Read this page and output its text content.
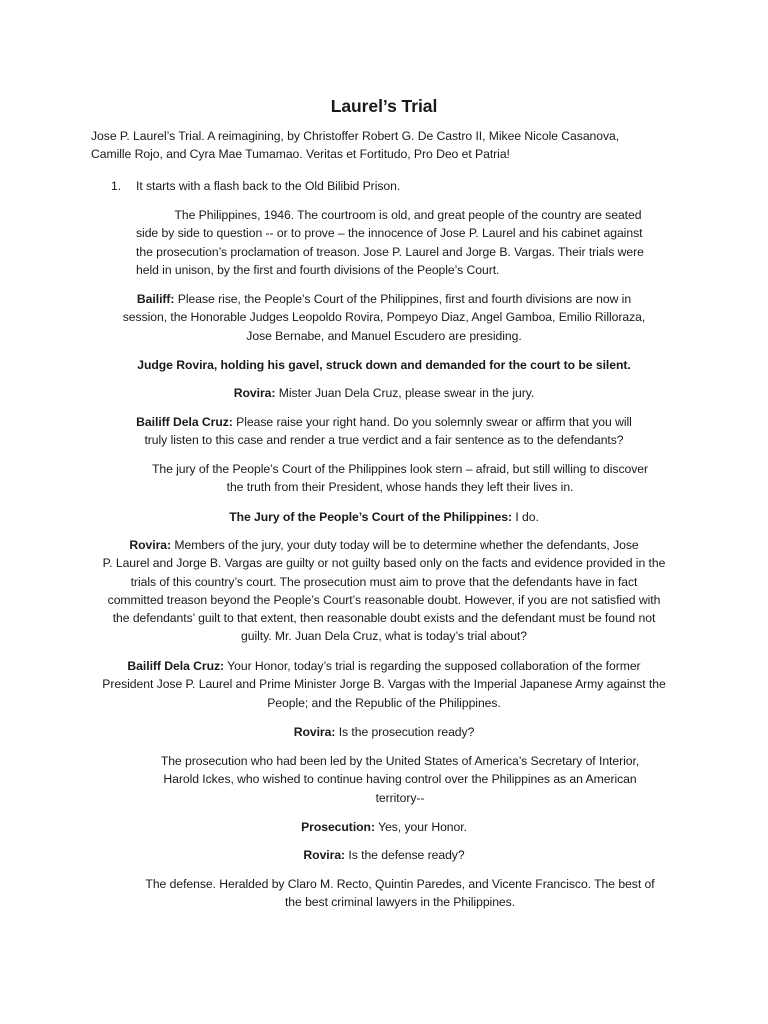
Laurel’s Trial
Jose P. Laurel’s Trial. A reimagining, by Christoffer Robert G. De Castro II, Mikee Nicole Casanova,
Camille Rojo, and Cyra Mae Tumamao. Veritas et Fortitudo, Pro Deo et Patria!
1. It starts with a flash back to the Old Bilibid Prison.
The Philippines, 1946. The courtroom is old, and great people of the country are seated
side by side to question -- or to prove – the innocence of Jose P. Laurel and his cabinet against
the prosecution’s proclamation of treason. Jose P. Laurel and Jorge B. Vargas. Their trials were
held in unison, by the first and fourth divisions of the People’s Court.
Bailiff: Please rise, the People’s Court of the Philippines, first and fourth divisions are now in
session, the Honorable Judges Leopoldo Rovira, Pompeyo Diaz, Angel Gamboa, Emilio Rilloraza,
Jose Bernabe, and Manuel Escudero are presiding.
Judge Rovira, holding his gavel, struck down and demanded for the court to be silent.
Rovira: Mister Juan Dela Cruz, please swear in the jury.
Bailiff Dela Cruz: Please raise your right hand. Do you solemnly swear or affirm that you will
truly listen to this case and render a true verdict and a fair sentence as to the defendants?
The jury of the People’s Court of the Philippines look stern – afraid, but still willing to discover
the truth from their President, whose hands they left their lives in.
The Jury of the People’s Court of the Philippines: I do.
Rovira: Members of the jury, your duty today will be to determine whether the defendants, Jose
P. Laurel and Jorge B. Vargas are guilty or not guilty based only on the facts and evidence provided in the
trials of this country’s court. The prosecution must aim to prove that the defendants have in fact
committed treason beyond the People’s Court’s reasonable doubt. However, if you are not satisfied with
the defendants’ guilt to that extent, then reasonable doubt exists and the defendant must be found not
guilty. Mr. Juan Dela Cruz, what is today’s trial about?
Bailiff Dela Cruz: Your Honor, today’s trial is regarding the supposed collaboration of the former
President Jose P. Laurel and Prime Minister Jorge B. Vargas with the Imperial Japanese Army against the
People; and the Republic of the Philippines.
Rovira: Is the prosecution ready?
The prosecution who had been led by the United States of America’s Secretary of Interior,
Harold Ickes, who wished to continue having control over the Philippines as an American
territory--
Prosecution: Yes, your Honor.
Rovira: Is the defense ready?
The defense. Heralded by Claro M. Recto, Quintin Paredes, and Vicente Francisco. The best of
the best criminal lawyers in the Philippines.
